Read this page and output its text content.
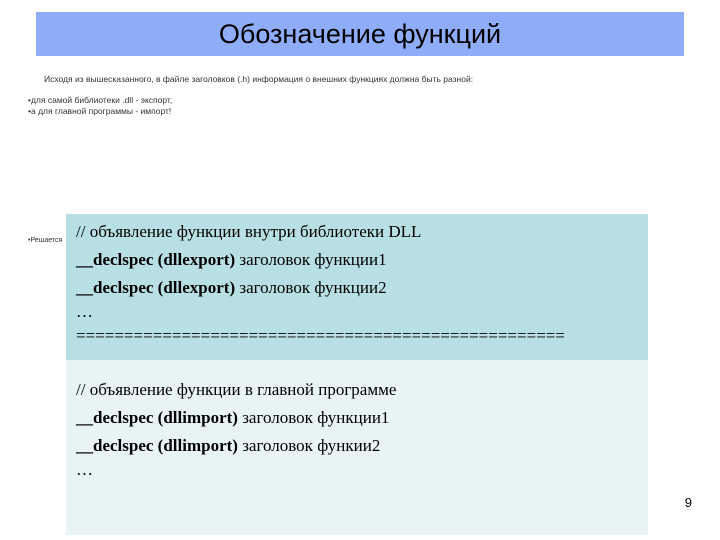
Обозначение функций
Исходя из вышесказанного, в файле заголовков (.h) информация о внешних функциях должна быть разной:
•для самой библиотеки .dll - экспорт,
•а для главной программы - импорт!
•Решается // объявление функции внутри библиотеки DLL
__declspec (dllexport) заголовок функции1
__declspec (dllexport) заголовок функции2
…
===================================================
// объявление функции в главной программе
__declspec (dllimport) заголовок функции1
__declspec (dllimport) заголовок функии2
…
9
